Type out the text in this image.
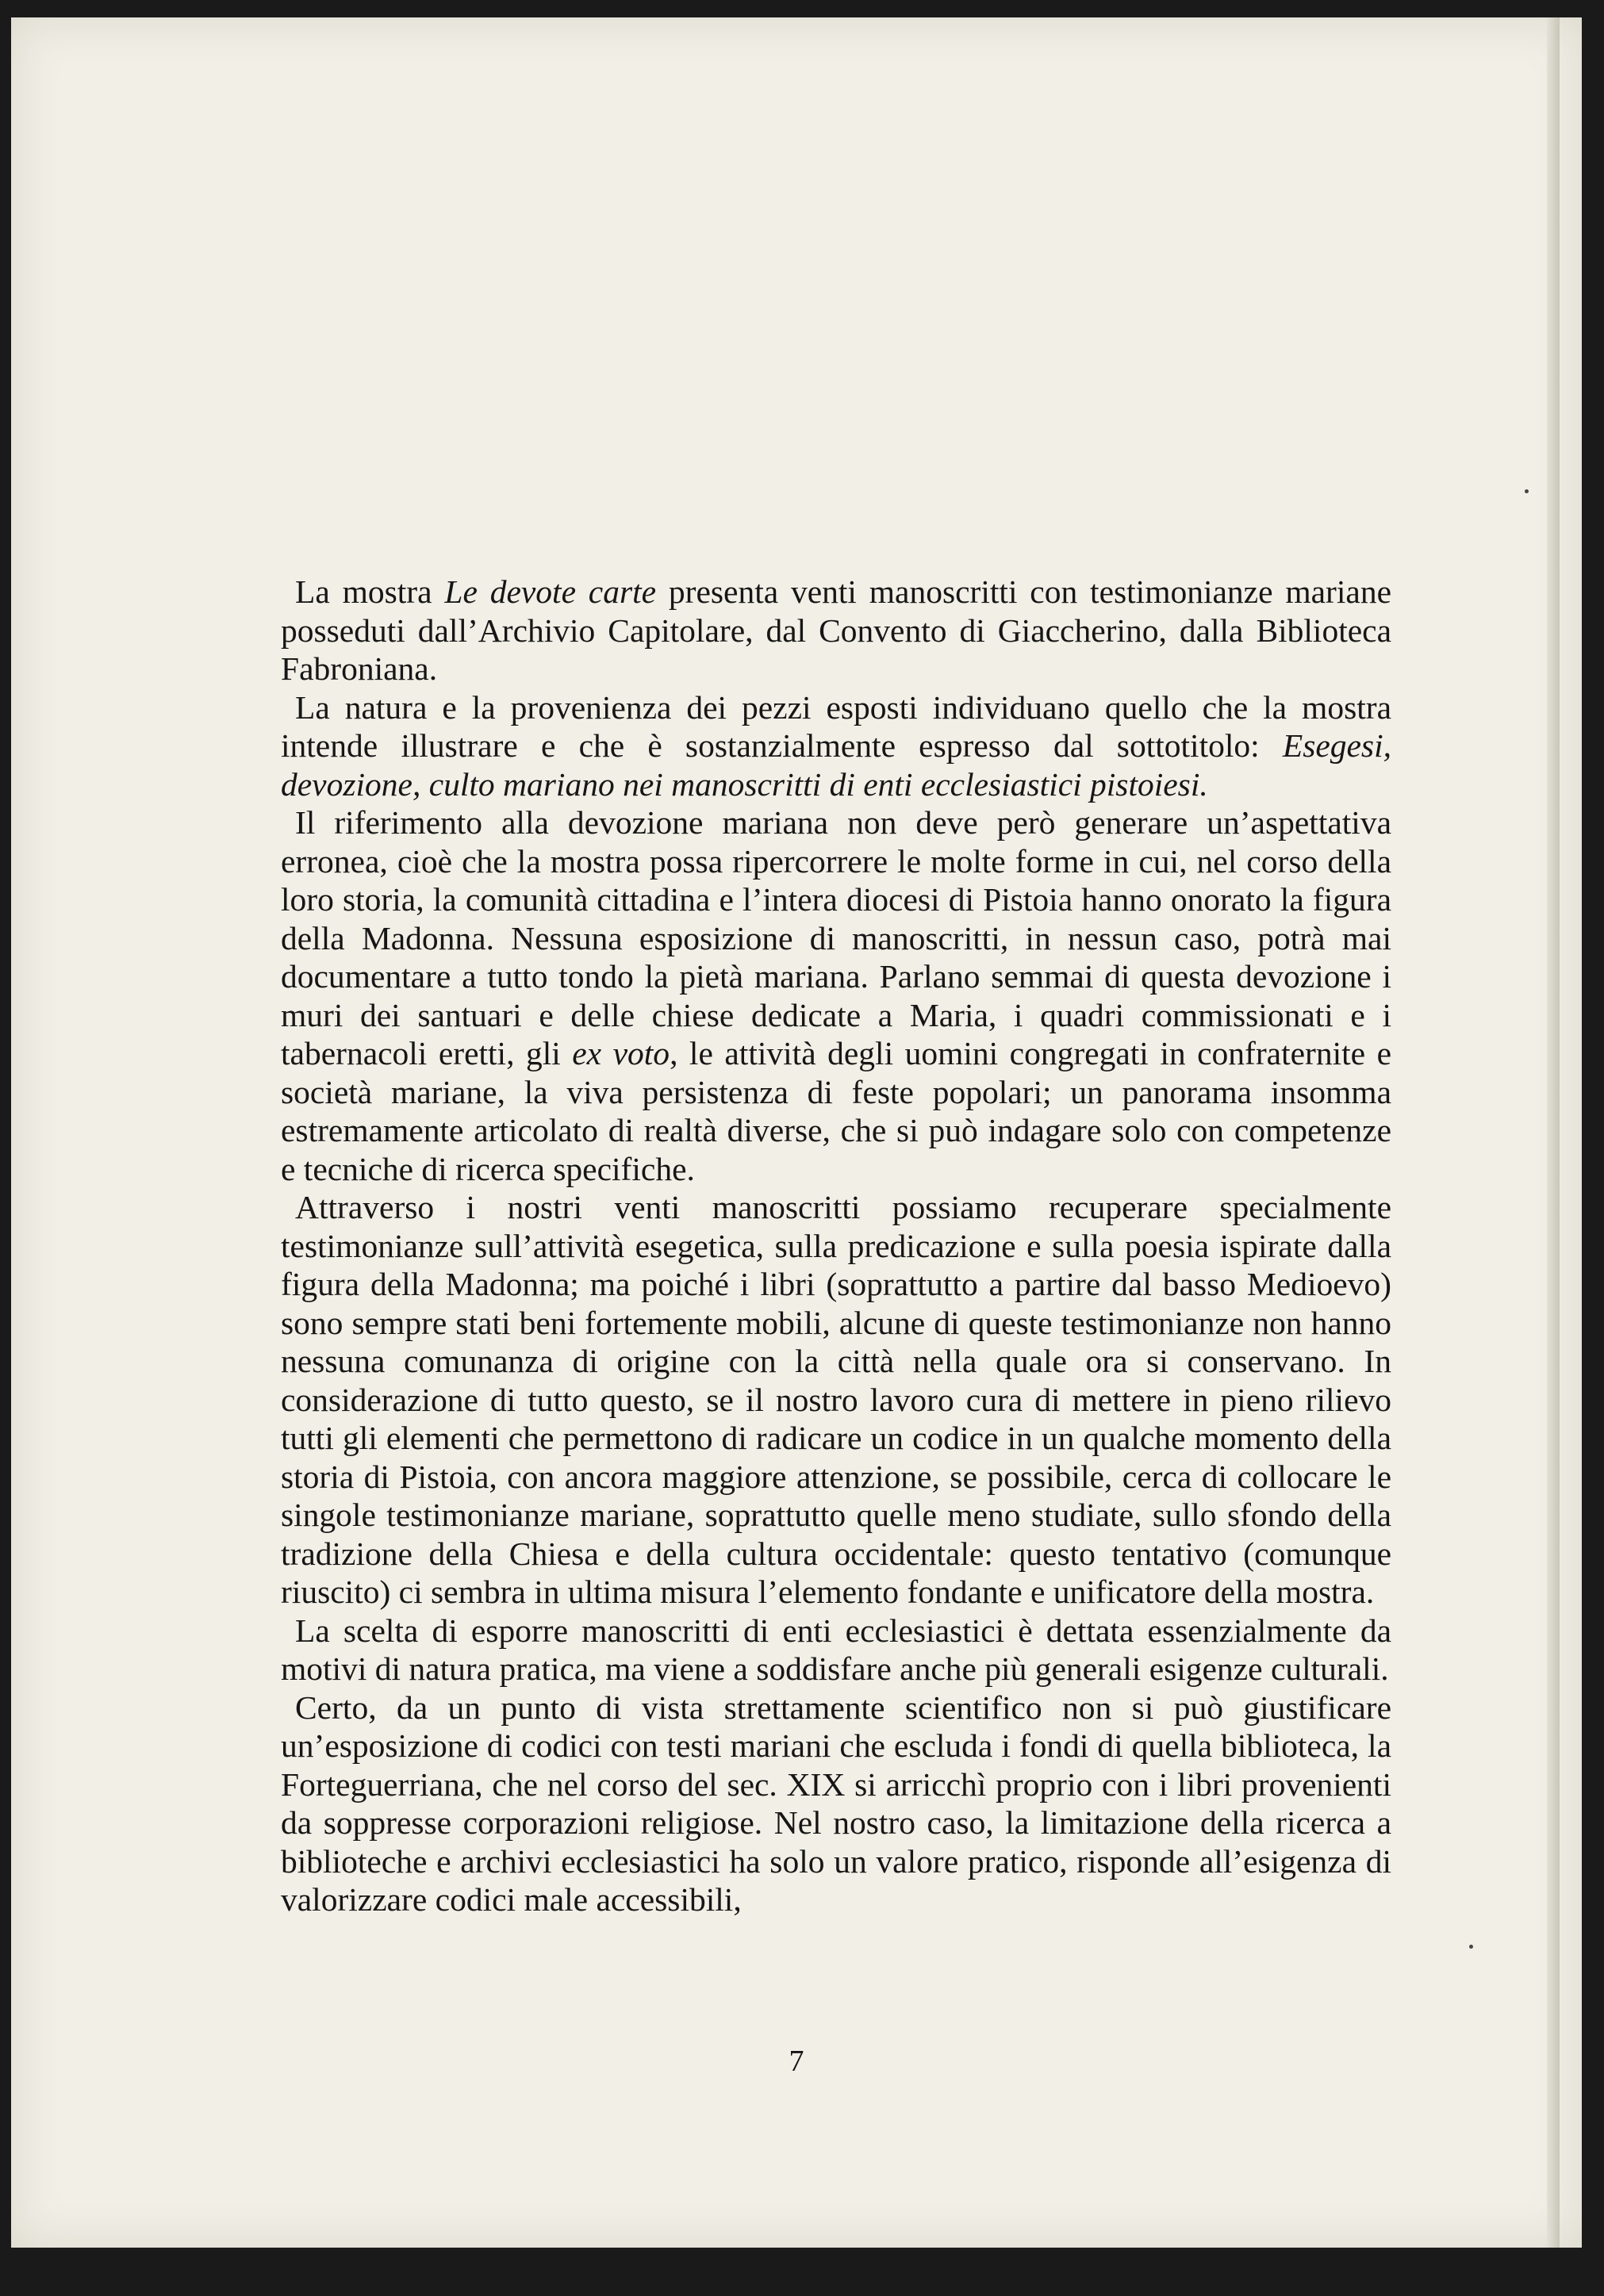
La mostra Le devote carte presenta venti manoscritti con testimonianze mariane posseduti dall’Archivio Capitolare, dal Convento di Giaccherino, dalla Biblioteca Fabroniana.

La natura e la provenienza dei pezzi esposti individuano quello che la mostra intende illustrare e che è sostanzialmente espresso dal sottotitolo: Esegesi, devozione, culto mariano nei manoscritti di enti ecclesiastici pistoiesi.

Il riferimento alla devozione mariana non deve però generare un’aspettativa erronea, cioè che la mostra possa ripercorrere le molte forme in cui, nel corso della loro storia, la comunità cittadina e l’intera diocesi di Pistoia hanno onorato la figura della Madonna. Nessuna esposizione di manoscritti, in nessun caso, potrà mai documentare a tutto tondo la pietà mariana. Parlano semmai di questa devozione i muri dei santuari e delle chiese dedicate a Maria, i quadri commissionati e i tabernacoli eretti, gli ex voto, le attività degli uomini congregati in confraternite e società mariane, la viva persistenza di feste popolari; un panorama insomma estremamente articolato di realtà diverse, che si può indagare solo con competenze e tecniche di ricerca specifiche.

Attraverso i nostri venti manoscritti possiamo recuperare specialmente testimonianze sull’attività esegetica, sulla predicazione e sulla poesia ispirate dalla figura della Madonna; ma poiché i libri (soprattutto a partire dal basso Medioevo) sono sempre stati beni fortemente mobili, alcune di queste testimonianze non hanno nessuna comunanza di origine con la città nella quale ora si conservano. In considerazione di tutto questo, se il nostro lavoro cura di mettere in pieno rilievo tutti gli elementi che permettono di radicare un codice in un qualche momento della storia di Pistoia, con ancora maggiore attenzione, se possibile, cerca di collocare le singole testimonianze mariane, soprattutto quelle meno studiate, sullo sfondo della tradizione della Chiesa e della cultura occidentale: questo tentativo (comunque riuscito) ci sembra in ultima misura l’elemento fondante e unificatore della mostra.

La scelta di esporre manoscritti di enti ecclesiastici è dettata essenzialmente da motivi di natura pratica, ma viene a soddisfare anche più generali esigenze culturali.

Certo, da un punto di vista strettamente scientifico non si può giustificare un’esposizione di codici con testi mariani che escluda i fondi di quella biblioteca, la Forteguerriana, che nel corso del sec. XIX si arricchì proprio con i libri provenienti da soppresse corporazioni religiose. Nel nostro caso, la limitazione della ricerca a biblioteche e archivi ecclesiastici ha solo un valore pratico, risponde all’esigenza di valorizzare codici male accessibili,

7
